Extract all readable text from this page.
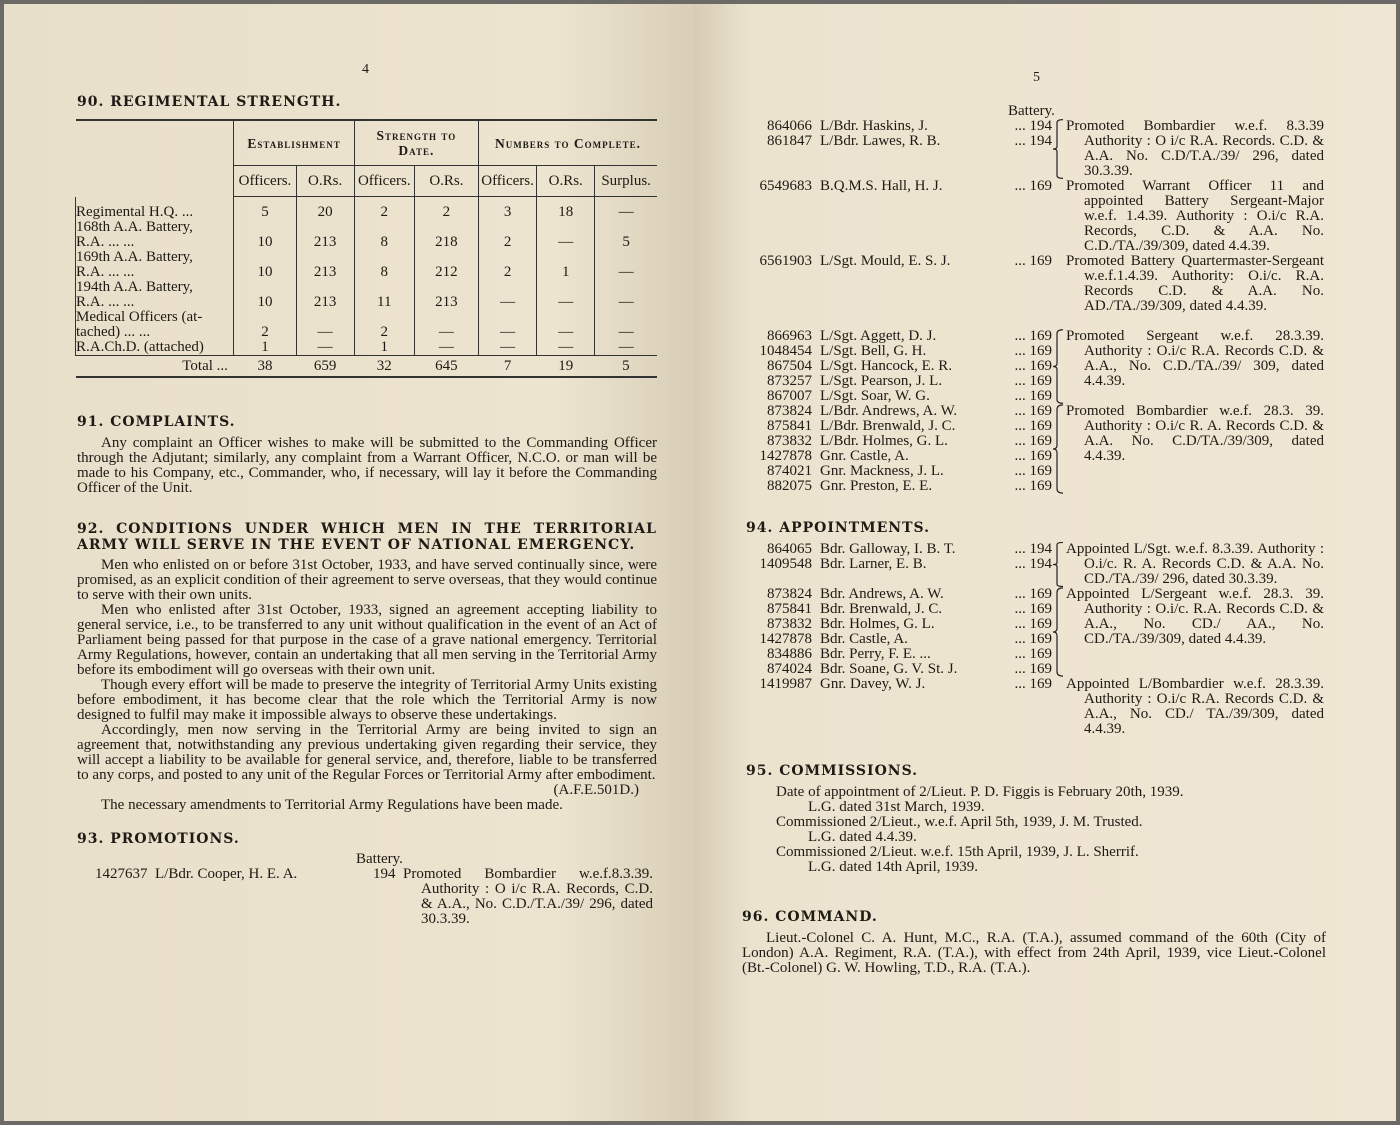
4
90. REGIMENTAL STRENGTH.
	Establishment		Strength to Date.		Numbers to Complete.		
	Officers.	O.Rs.	Officers.	O.Rs.	Officers.	O.Rs.	Surplus.
Regimental H.Q. ...	5	20	2	2	3	18	—
168th A.A. Battery,
R.A. ... ...	10	213	8	218	2	—	5
169th A.A. Battery,
R.A. ... ...	10	213	8	212	2	1	—
194th A.A. Battery,
R.A. ... ...	10	213	11	213	—	—	—
Medical Officers (at-
tached) ... ...	2	—	2	—	—	—	—
R.A.Ch.D. (attached)	1	—	1	—	—	—	—
Total ...	38	659	32	645	7	19	5
91. COMPLAINTS.
Any complaint an Officer wishes to make will be submitted to the Commanding Officer through the Adjutant; similarly, any complaint from a Warrant Officer, N.C.O. or man will be made to his Company, etc., Commander, who, if necessary, will lay it before the Commanding Officer of the Unit.
92. CONDITIONS UNDER WHICH MEN IN THE TERRITORIAL ARMY WILL SERVE IN THE EVENT OF NATIONAL EMERGENCY.
Men who enlisted on or before 31st October, 1933, and have served continually since, were promised, as an explicit condition of their agreement to serve overseas, that they would continue to serve with their own units.
Men who enlisted after 31st October, 1933, signed an agreement accepting liability to general service, i.e., to be transferred to any unit without qualification in the event of an Act of Parliament being passed for that purpose in the case of a grave national emergency. Territorial Army Regulations, however, contain an undertaking that all men serving in the Territorial Army before its embodiment will go overseas with their own unit.
Though every effort will be made to preserve the integrity of Territorial Army Units existing before embodiment, it has become clear that the role which the Territorial Army is now designed to fulfil may make it impossible always to observe these undertakings.
Accordingly, men now serving in the Territorial Army are being invited to sign an agreement that, notwithstanding any previous undertaking given regarding their service, they will accept a liability to be available for general service, and, therefore, liable to be transferred to any corps, and posted to any unit of the Regular Forces or Territorial Army after embodiment.
(A.F.E.501D.)
The necessary amendments to Territorial Army Regulations have been made.
93. PROMOTIONS.
Battery.
1427637 L/Bdr. Cooper, H. E. A.	194 Promoted Bombardier w.e.f.8.3.39. Authority : O i/c R.A. Records, C.D. & A.A., No. C.D./T.A./39/ 296, dated 30.3.39.
5
Battery.
864066 L/Bdr. Haskins, J.	... 194
861847 L/Bdr. Lawes, R. B.	... 194
Promoted Bombardier w.e.f. 8.3.39 Authority : O i/c R.A. Records. C.D. & A.A. No. C.D/T.A./39/ 296, dated 30.3.39.
6549683 B.Q.M.S. Hall, H. J.	... 169 Promoted Warrant Officer 11 and appointed Battery Sergeant-Major w.e.f. 1.4.39. Authority : O.i/c R.A. Records, C.D. & A.A. No. C.D./TA./39/309, dated 4.4.39.
6561903 L/Sgt. Mould, E. S. J.	... 169 Promoted Battery Quartermaster-Sergeant w.e.f.1.4.39. Authority: O.i/c. R.A. Records C.D. & A.A. No. AD./TA./39/309, dated 4.4.39.
866963 L/Sgt. Aggett, D. J.	... 169
1048454 L/Sgt. Bell, G. H.	... 169
867504 L/Sgt. Hancock, E. R.	... 169
873257 L/Sgt. Pearson, J. L.	... 169
867007 L/Sgt. Soar, W. G.	... 169
Promoted Sergeant w.e.f. 28.3.39. Authority : O.i/c R.A. Records C.D. & A.A., No. C.D./TA./39/ 309, dated 4.4.39.
873824 L/Bdr. Andrews, A. W.	... 169
875841 L/Bdr. Brenwald, J. C.	... 169
873832 L/Bdr. Holmes, G. L.	... 169
1427878 Gnr. Castle, A.	... 169
874021 Gnr. Mackness, J. L.	... 169
882075 Gnr. Preston, E. E.	... 169
Promoted Bombardier w.e.f. 28.3. 39. Authority : O.i/c R. A. Records C.D. & A.A. No. C.D/TA./39/309, dated 4.4.39.
94. APPOINTMENTS.
864065 Bdr. Galloway, I. B. T.	... 194
1409548 Bdr. Larner, E. B.	... 194
Appointed L/Sgt. w.e.f. 8.3.39. Authority : O.i/c. R. A. Records C.D. & A.A. No. CD./TA./39/ 296, dated 30.3.39.
873824 Bdr. Andrews, A. W.	... 169
875841 Bdr. Brenwald, J. C.	... 169
873832 Bdr. Holmes, G. L.	... 169
1427878 Bdr. Castle, A.	... 169
834886 Bdr. Perry, F. E. ...	... 169
874024 Bdr. Soane, G. V. St. J.	... 169
Appointed L/Sergeant w.e.f. 28.3. 39. Authority : O.i/c. R.A. Records C.D. & A.A., No. CD./ AA., No. CD./TA./39/309, dated 4.4.39.
1419987 Gnr. Davey, W. J.	... 169 Appointed L/Bombardier w.e.f. 28.3.39. Authority : O.i/c R.A. Records C.D. & A.A., No. CD./ TA./39/309, dated 4.4.39.
95. COMMISSIONS.
Date of appointment of 2/Lieut. P. D. Figgis is February 20th, 1939.
L.G. dated 31st March, 1939.
Commissioned 2/Lieut., w.e.f. April 5th, 1939, J. M. Trusted.
L.G. dated 4.4.39.
Commissioned 2/Lieut. w.e.f. 15th April, 1939, J. L. Sherrif.
L.G. dated 14th April, 1939.
96. COMMAND.
Lieut.-Colonel C. A. Hunt, M.C., R.A. (T.A.), assumed command of the 60th (City of London) A.A. Regiment, R.A. (T.A.), with effect from 24th April, 1939, vice Lieut.-Colonel (Bt.-Colonel) G. W. Howling, T.D., R.A. (T.A.).
